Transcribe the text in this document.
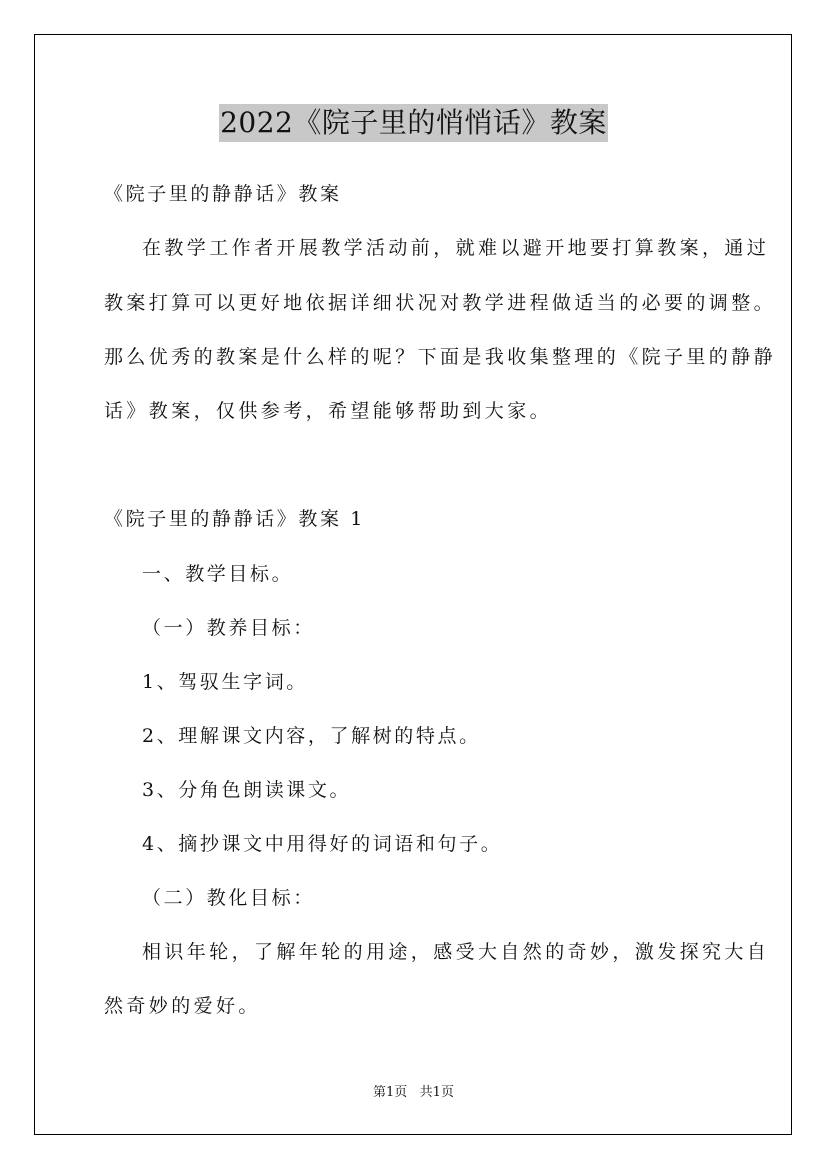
2022《院子里的悄悄话》教案
《院子里的静静话》教案
在教学工作者开展教学活动前，就难以避开地要打算教案，通过
教案打算可以更好地依据详细状况对教学进程做适当的必要的调整。
那么优秀的教案是什么样的呢？下面是我收集整理的《院子里的静静
话》教案，仅供参考，希望能够帮助到大家。
《院子里的静静话》教案 1
一、教学目标。
（一）教养目标：
1、驾驭生字词。
2、理解课文内容，了解树的特点。
3、分角色朗读课文。
4、摘抄课文中用得好的词语和句子。
（二）教化目标：
相识年轮，了解年轮的用途，感受大自然的奇妙，激发探究大自
然奇妙的爱好。
第1页   共1页
